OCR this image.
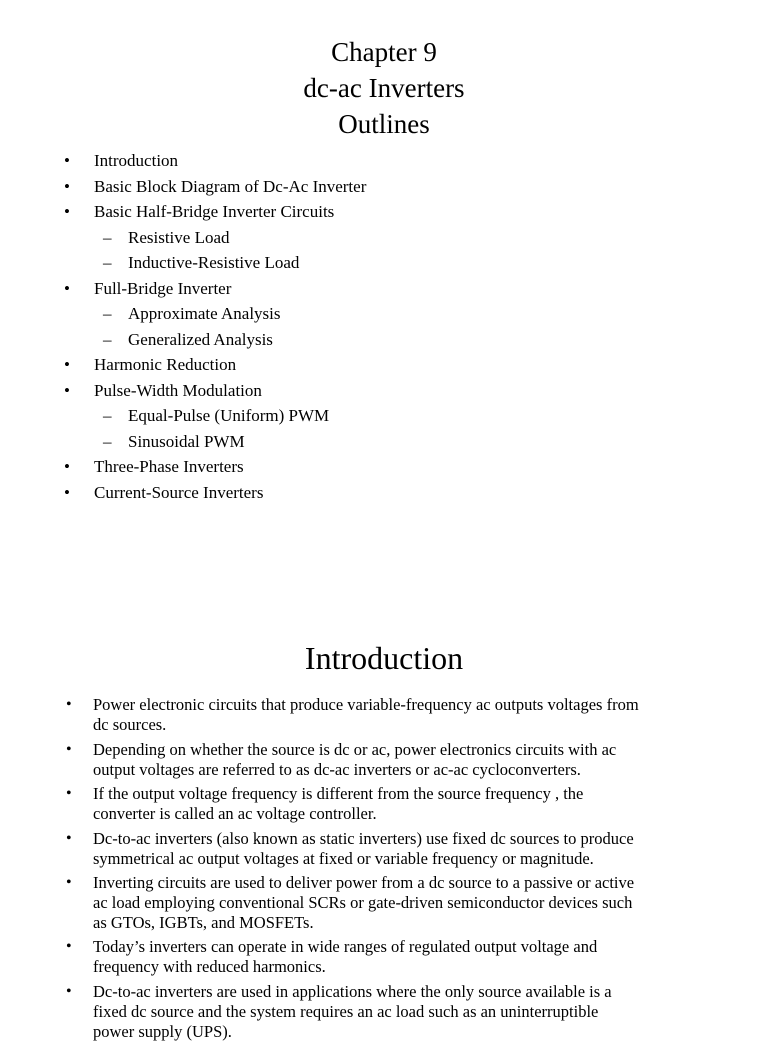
Chapter 9
dc-ac Inverters
Outlines
• Introduction
• Basic Block Diagram of Dc-Ac Inverter
• Basic Half-Bridge Inverter Circuits
– Resistive Load
– Inductive-Resistive Load
• Full-Bridge Inverter
– Approximate Analysis
– Generalized Analysis
• Harmonic Reduction
• Pulse-Width Modulation
– Equal-Pulse (Uniform) PWM
– Sinusoidal PWM
• Three-Phase Inverters
• Current-Source Inverters
Introduction
• Power electronic circuits that produce variable-frequency ac outputs voltages from
dc sources.
• Depending on whether the source is dc or ac, power electronics circuits with ac
output voltages are referred to as dc-ac inverters or ac-ac cycloconverters.
• If the output voltage frequency is different from the source frequency , the
converter is called an ac voltage controller.
• Dc-to-ac inverters (also known as static inverters) use fixed dc sources to produce
symmetrical ac output voltages at fixed or variable frequency or magnitude.
• Inverting circuits are used to deliver power from a dc source to a passive or active
ac load employing conventional SCRs or gate-driven semiconductor devices such
as GTOs, IGBTs, and MOSFETs.
• Today’s inverters can operate in wide ranges of regulated output voltage and
frequency with reduced harmonics.
• Dc-to-ac inverters are used in applications where the only source available is a
fixed dc source and the system requires an ac load such as an uninterruptible
power supply (UPS).
